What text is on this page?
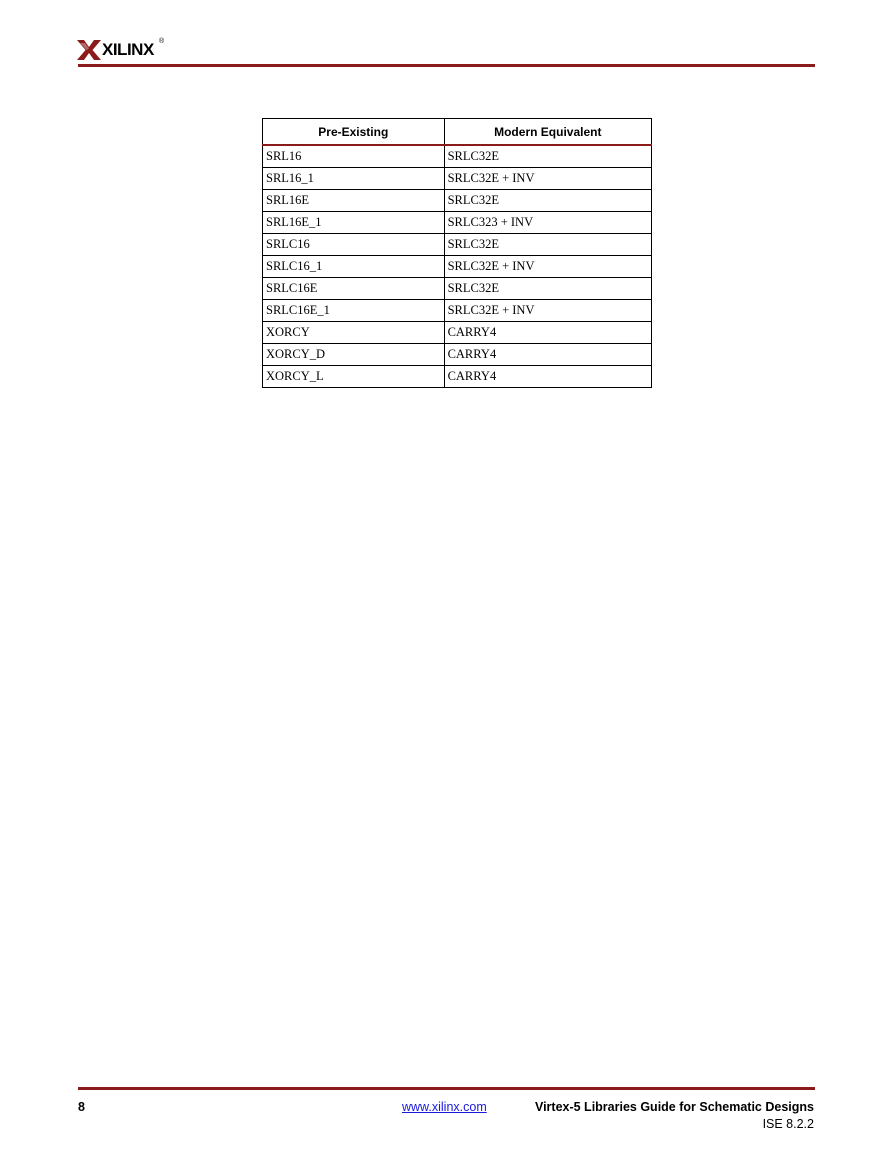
XILINX ®
Pre-Existing	Modern Equivalent
SRL16	SRLC32E
SRL16_1	SRLC32E + INV
SRL16E	SRLC32E
SRL16E_1	SRLC323 + INV
SRLC16	SRLC32E
SRLC16_1	SRLC32E + INV
SRLC16E	SRLC32E
SRLC16E_1	SRLC32E + INV
XORCY	CARRY4
XORCY_D	CARRY4
XORCY_L	CARRY4
8	www.xilinx.com	Virtex-5 Libraries Guide for Schematic Designs
ISE 8.2.2
